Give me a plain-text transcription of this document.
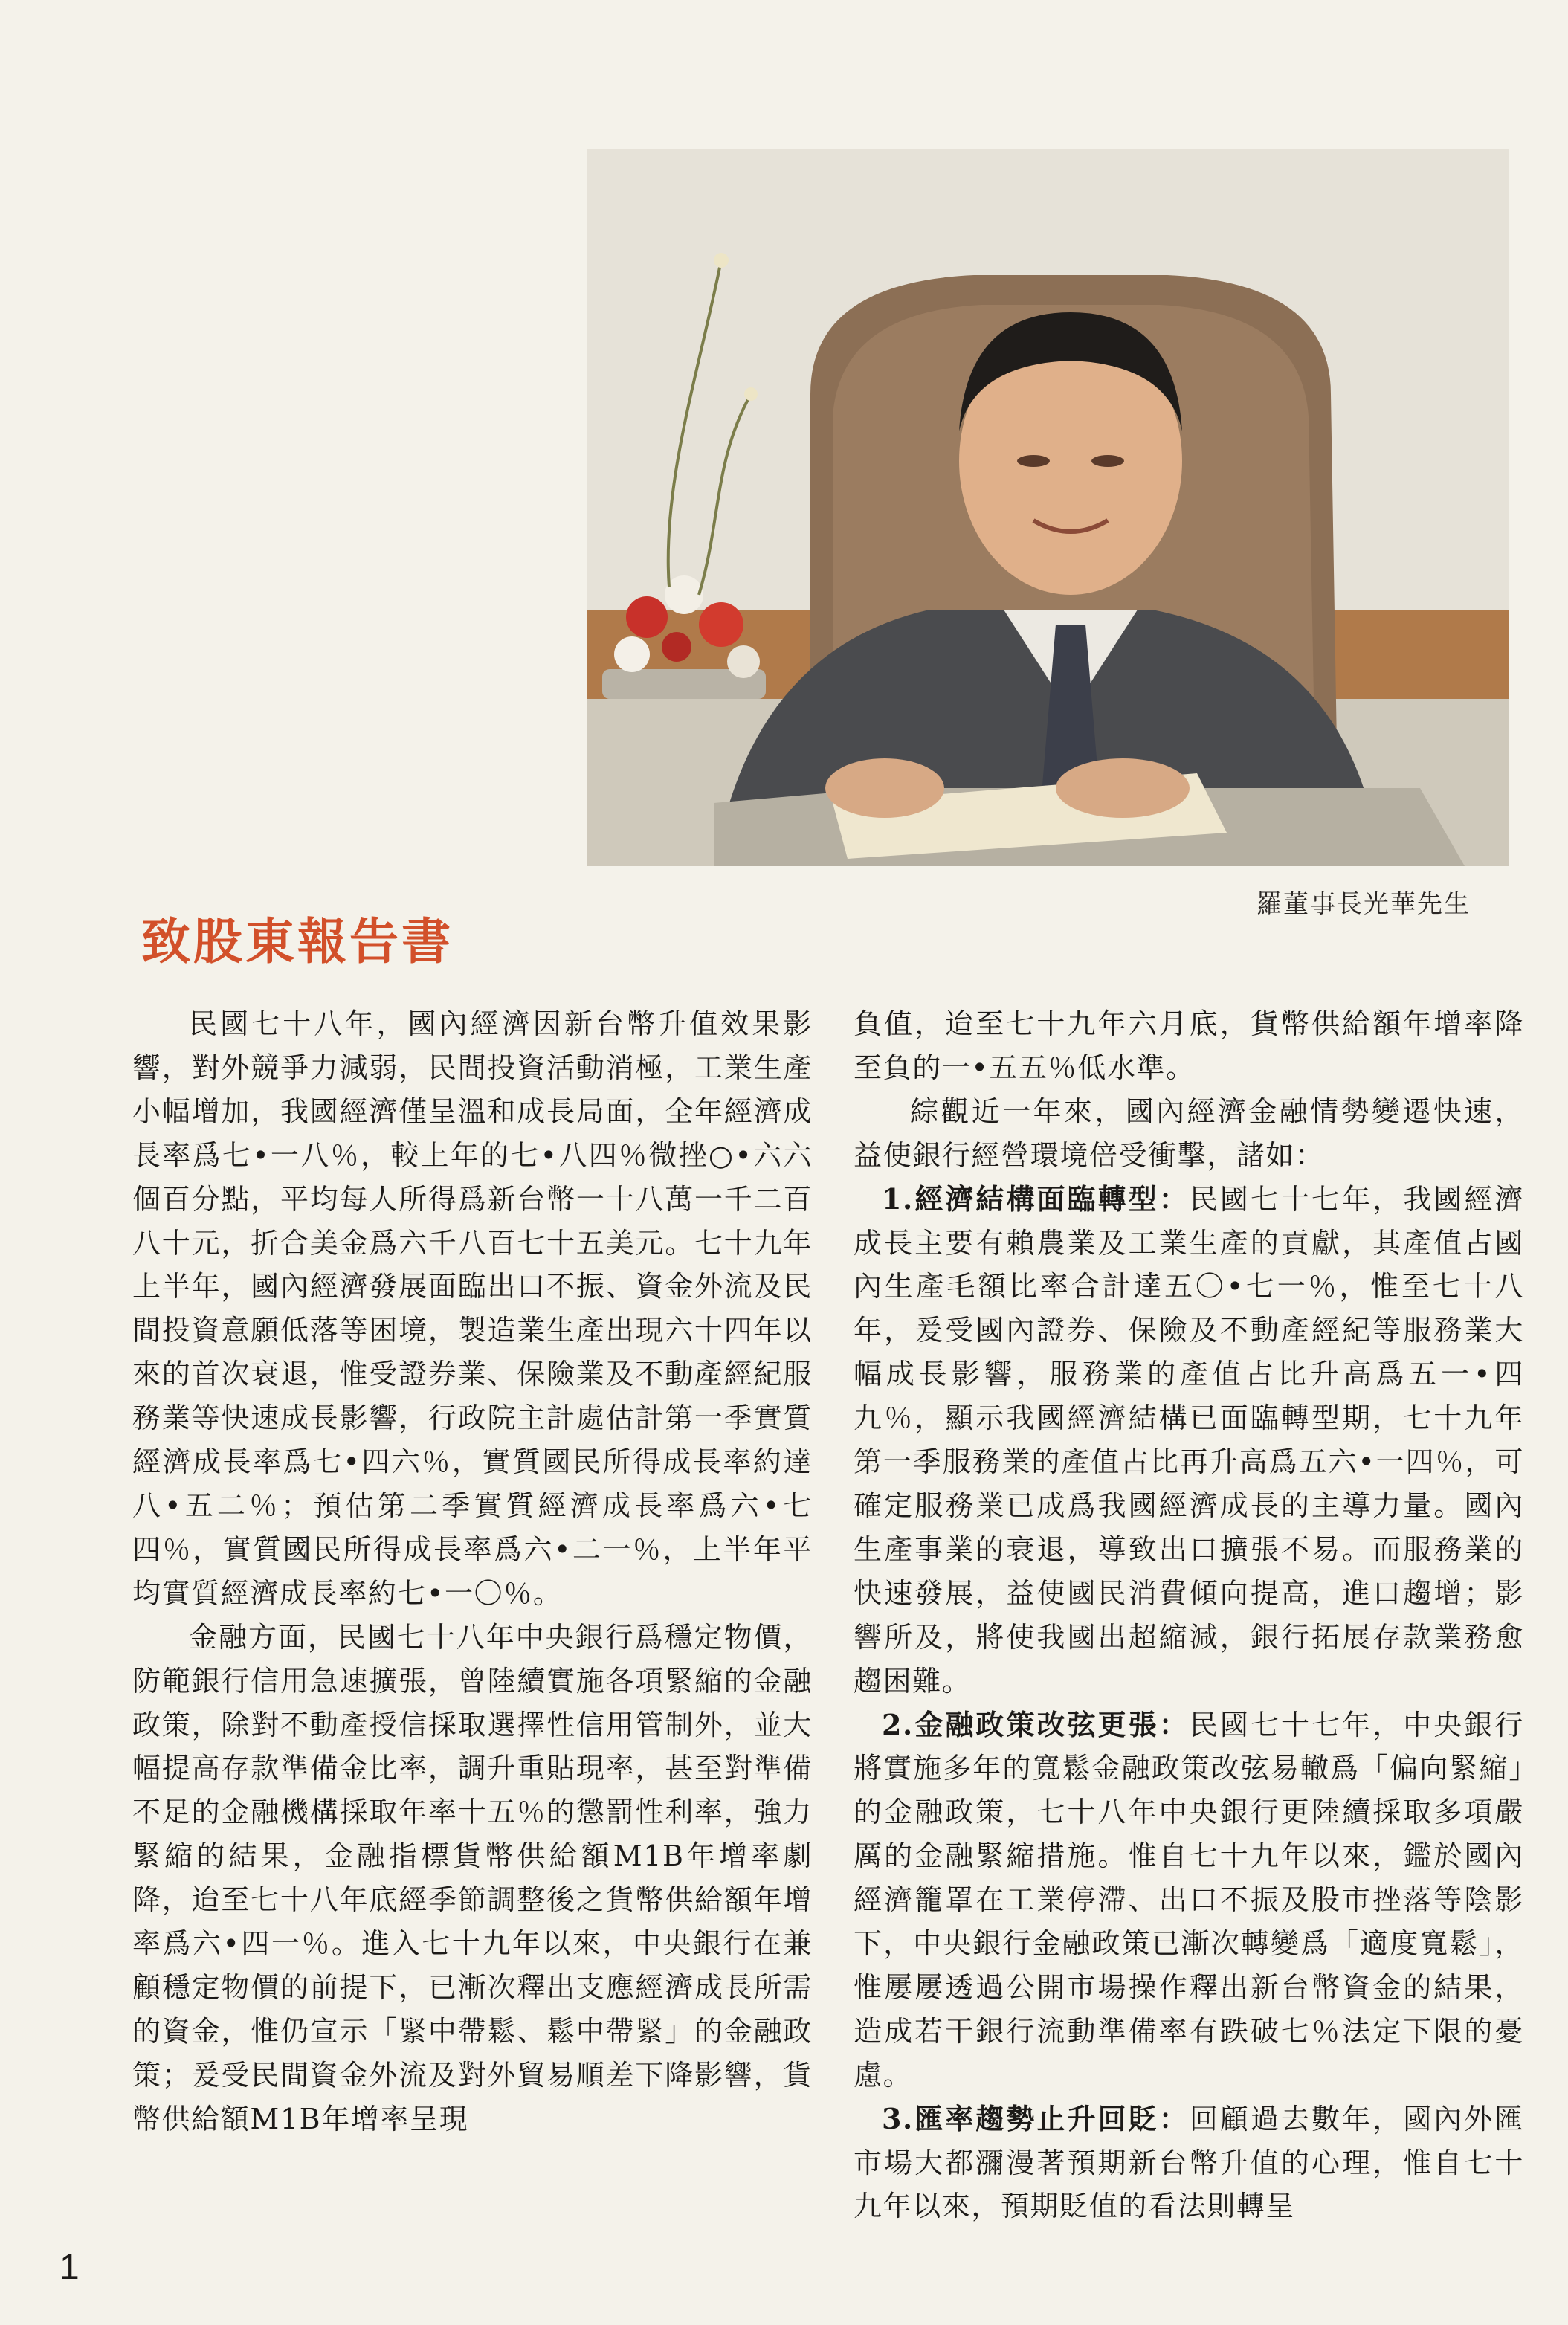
羅董事長光華先生
致股東報告書

民國七十八年，國內經濟因新台幣升值效果影響，對外競爭力減弱，民間投資活動消極，工業生產小幅增加，我國經濟僅呈溫和成長局面，全年經濟成長率爲七•一八％，較上年的七•八四％微挫○•六六個百分點，平均每人所得爲新台幣一十八萬一千二百八十元，折合美金爲六千八百七十五美元。七十九年上半年，國內經濟發展面臨出口不振、資金外流及民間投資意願低落等困境，製造業生產出現六十四年以來的首次衰退，惟受證券業、保險業及不動產經紀服務業等快速成長影響，行政院主計處估計第一季實質經濟成長率爲七•四六％，實質國民所得成長率約達八•五二％；預估第二季實質經濟成長率爲六•七四％，實質國民所得成長率爲六•二一％，上半年平均實質經濟成長率約七•一〇％。

金融方面，民國七十八年中央銀行爲穩定物價，防範銀行信用急速擴張，曾陸續實施各項緊縮的金融政策，除對不動產授信採取選擇性信用管制外，並大幅提高存款準備金比率，調升重貼現率，甚至對準備不足的金融機構採取年率十五％的懲罰性利率，強力緊縮的結果，金融指標貨幣供給額M1B年增率劇降，迨至七十八年底經季節調整後之貨幣供給額年增率爲六•四一％。進入七十九年以來，中央銀行在兼顧穩定物價的前提下，已漸次釋出支應經濟成長所需的資金，惟仍宣示「緊中帶鬆、鬆中帶緊」的金融政策；爰受民間資金外流及對外貿易順差下降影響，貨幣供給額M1B年增率呈現

負值，迨至七十九年六月底，貨幣供給額年增率降至負的一•五五％低水準。

綜觀近一年來，國內經濟金融情勢變遷快速，益使銀行經營環境倍受衝擊，諸如：

1.經濟結構面臨轉型：民國七十七年，我國經濟成長主要有賴農業及工業生產的貢獻，其產值占國內生產毛額比率合計達五〇•七一％，惟至七十八年，爰受國內證券、保險及不動產經紀等服務業大幅成長影響，服務業的產值占比升高爲五一•四九％，顯示我國經濟結構已面臨轉型期，七十九年第一季服務業的產值占比再升高爲五六•一四％，可確定服務業已成爲我國經濟成長的主導力量。國內生產事業的衰退，導致出口擴張不易。而服務業的快速發展，益使國民消費傾向提高，進口趨增；影響所及，將使我國出超縮減，銀行拓展存款業務愈趨困難。

2.金融政策改弦更張：民國七十七年，中央銀行將實施多年的寬鬆金融政策改弦易轍爲「偏向緊縮」的金融政策，七十八年中央銀行更陸續採取多項嚴厲的金融緊縮措施。惟自七十九年以來，鑑於國內經濟籠罩在工業停滯、出口不振及股市挫落等陰影下，中央銀行金融政策已漸次轉變爲「適度寬鬆」，惟屢屢透過公開市場操作釋出新台幣資金的結果，造成若干銀行流動準備率有跌破七％法定下限的憂慮。

3.匯率趨勢止升回貶：回顧過去數年，國內外匯市場大都瀰漫著預期新台幣升值的心理，惟自七十九年以來，預期貶值的看法則轉呈

1
